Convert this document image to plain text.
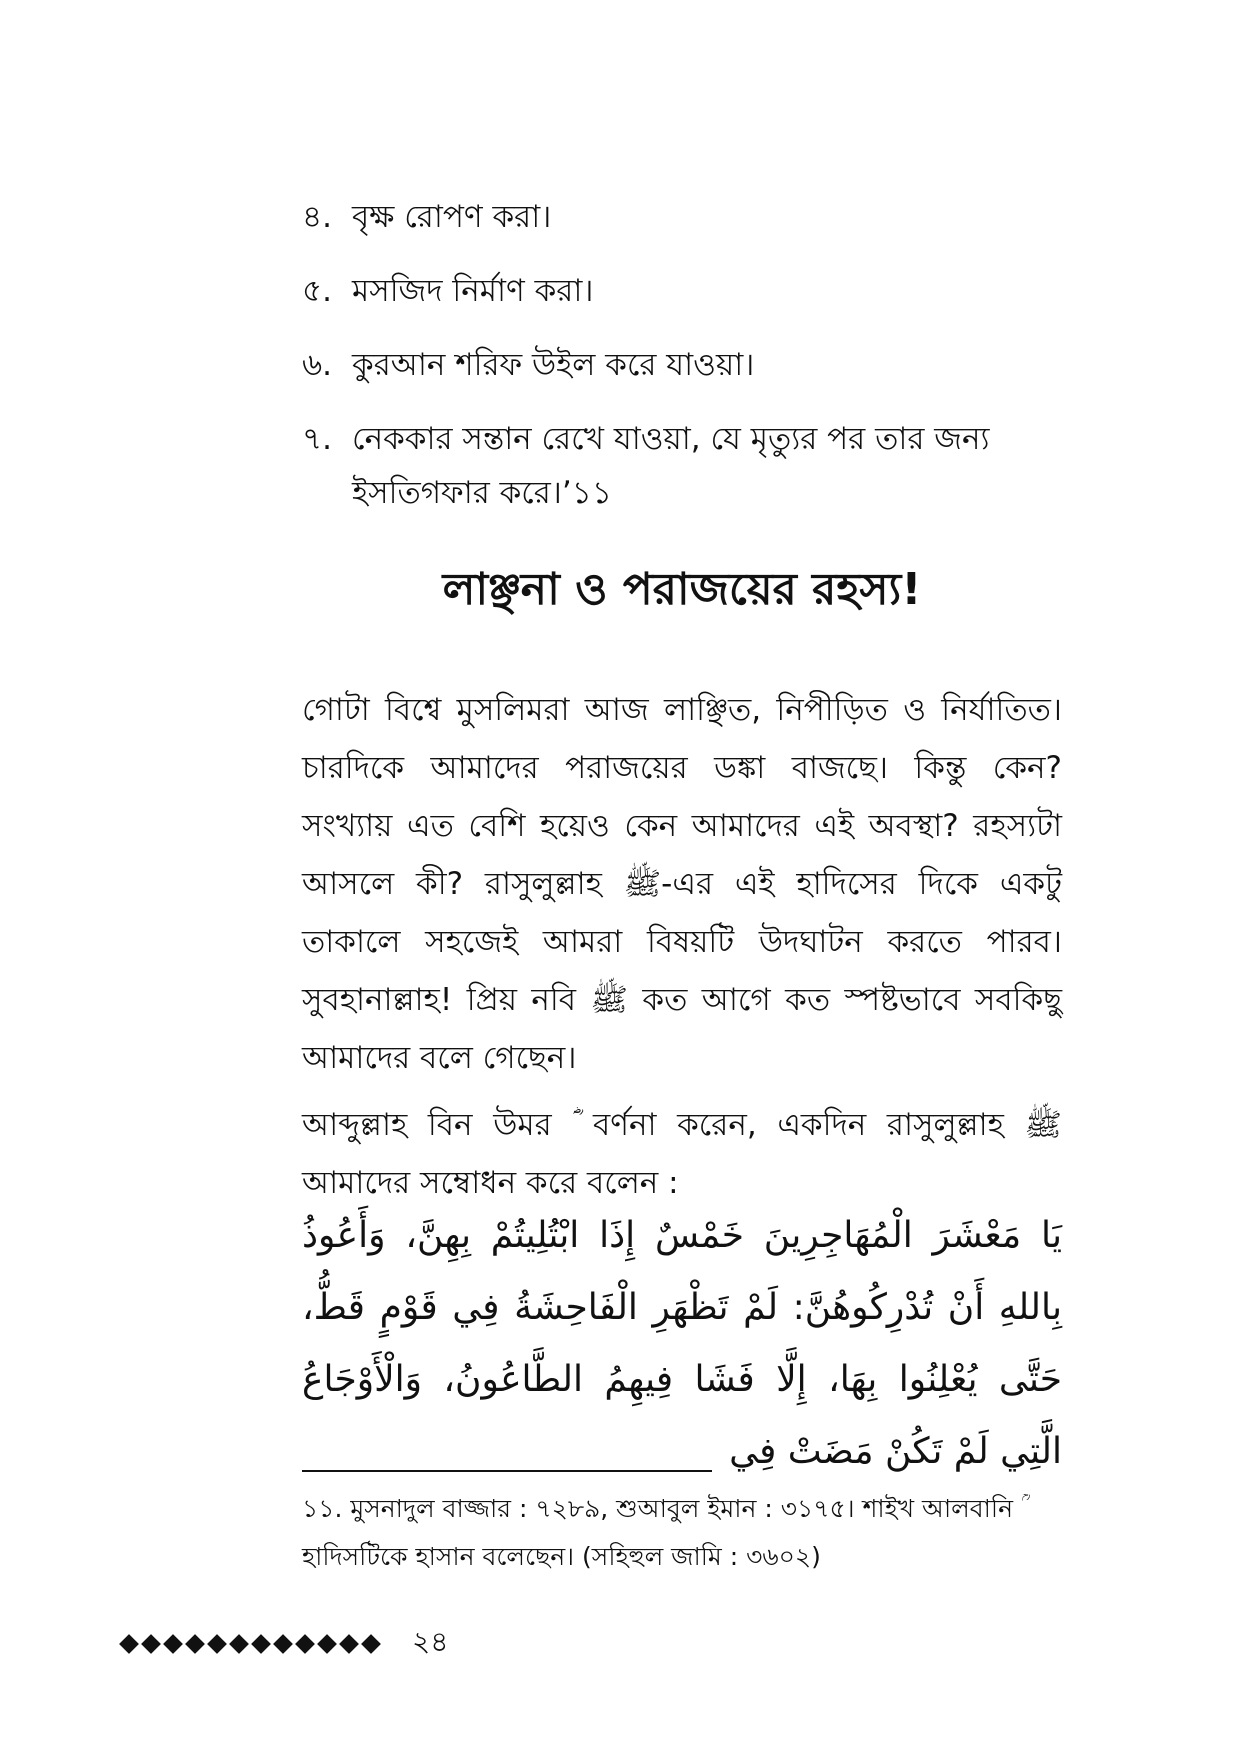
৪. বৃক্ষ রোপণ করা।
৫. মসজিদ নির্মাণ করা।
৬. কুরআন শরিফ উইল করে যাওয়া।
৭. নেককার সন্তান রেখে যাওয়া, যে মৃত্যুর পর তার জন্য ইসতিগফার করে।’১১
লাঞ্ছনা ও পরাজয়ের রহস্য!

গোটা বিশ্বে মুসলিমরা আজ লাঞ্ছিত, নিপীড়িত ও নির্যাতিত। চারদিকে আমাদের পরাজয়ের ডঙ্কা বাজছে। কিন্তু কেন? সংখ্যায় এত বেশি হয়েও কেন আমাদের এই অবস্থা? রহস্যটা আসলে কী? রাসুলুল্লাহ ﷺ-এর এই হাদিসের দিকে একটু তাকালে সহজেই আমরা বিষয়টি উদঘাটন করতে পারব। সুবহানাল্লাহ! প্রিয় নবি ﷺ কত আগে কত স্পষ্টভাবে সবকিছু আমাদের বলে গেছেন।

আব্দুল্লাহ বিন উমর ؓ বর্ণনা করেন, একদিন রাসুলুল্লাহ ﷺ আমাদের সম্বোধন করে বলেন :

يَا مَعْشَرَ الْمُهَاجِرِينَ خَمْسٌ إِذَا ابْتُلِيتُمْ بِهِنَّ، وَأَعُوذُ بِاللهِ أَنْ تُدْرِكُوهُنَّ: لَمْ تَظْهَرِ الْفَاحِشَةُ فِي قَوْمٍ قَطُّ، حَتَّى يُعْلِنُوا بِهَا، إِلَّا فَشَا فِيهِمُ الطَّاعُونُ، وَالْأَوْجَاعُ الَّتِي لَمْ تَكُنْ مَضَتْ فِي
১১. মুসনাদুল বাজ্জার : ৭২৮৯, শুআবুল ইমান : ৩১৭৫। শাইখ আলবানি ؒ হাদিসটিকে হাসান বলেছেন। (সহিহুল জামি : ৩৬০২)
২৪
